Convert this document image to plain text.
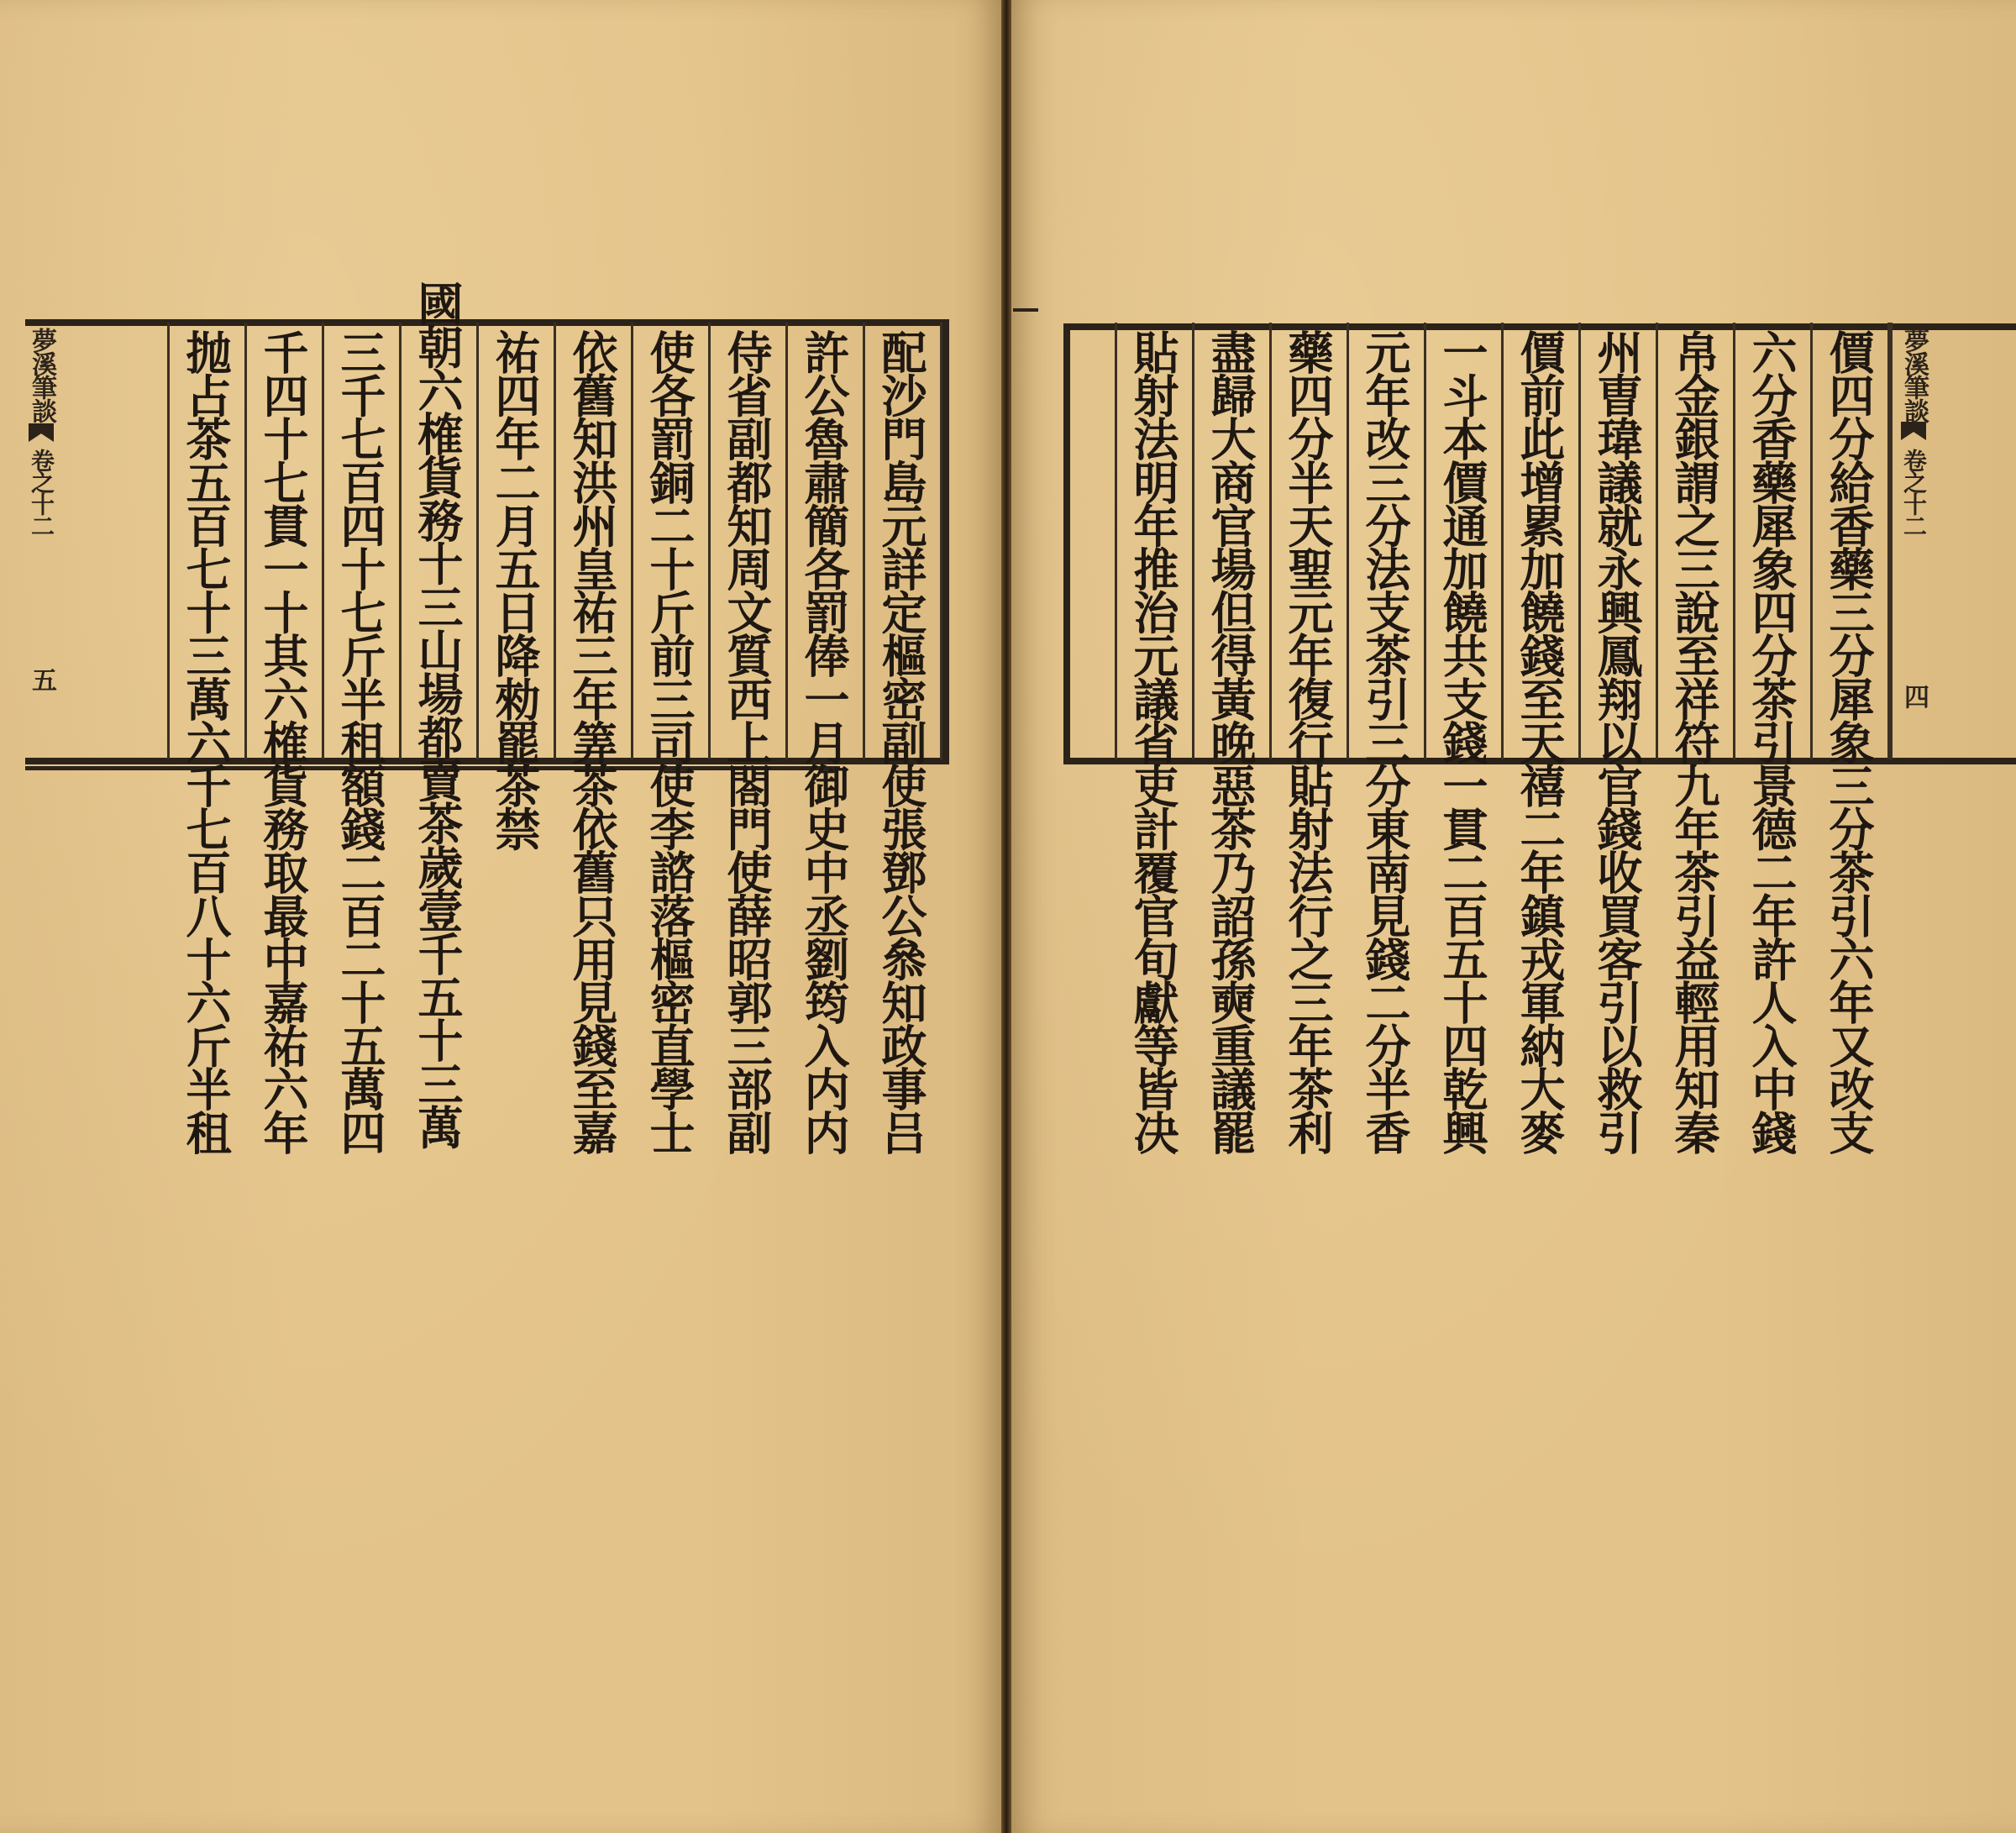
夢溪筆談
卷之十二
五	配沙門島元詳定樞密副使張鄧公叅知政事吕
許公魯肅簡各罰俸一月御史中丞劉筠入内内
侍省副都知周文質西上閤門使薛昭郭三部副
使各罰銅二十斤前三司使李諮落樞密直學士
依舊知洪州皇祐三年筭茶依舊只用見錢至嘉
祐四年二月五日降勑罷茶禁
國朝六榷貨務十三山場都賣茶歲壹千五十三萬
三千七百四十七斤半租額錢二百二十五萬四
千四十七貫一十其六榷貨務取最中嘉祐六年
抛占茶五百七十三萬六千七百八十六斤半租	貼射法明年推治元議省吏計覆官旬獻等皆决 盡歸大商官場但得黃晚惡茶乃詔孫奭重議罷 藥四分半天聖元年復行貼射法行之三年茶利 元年改三分法支茶引三分東南見錢二分半香 一斗本價通加饒共支錢一貫二百五十四乾興 價前此增累加饒錢至天禧二年鎮戎軍納大麥 州曺瑋議就永興鳳翔以官錢收買客引以救引 帛金銀謂之三說至祥符九年茶引益輕用知秦 六分香藥犀象四分茶引景德二年許人入中錢 價四分給香藥三分犀象三分茶引六年又改支 夢溪筆談
卷之十二
四
